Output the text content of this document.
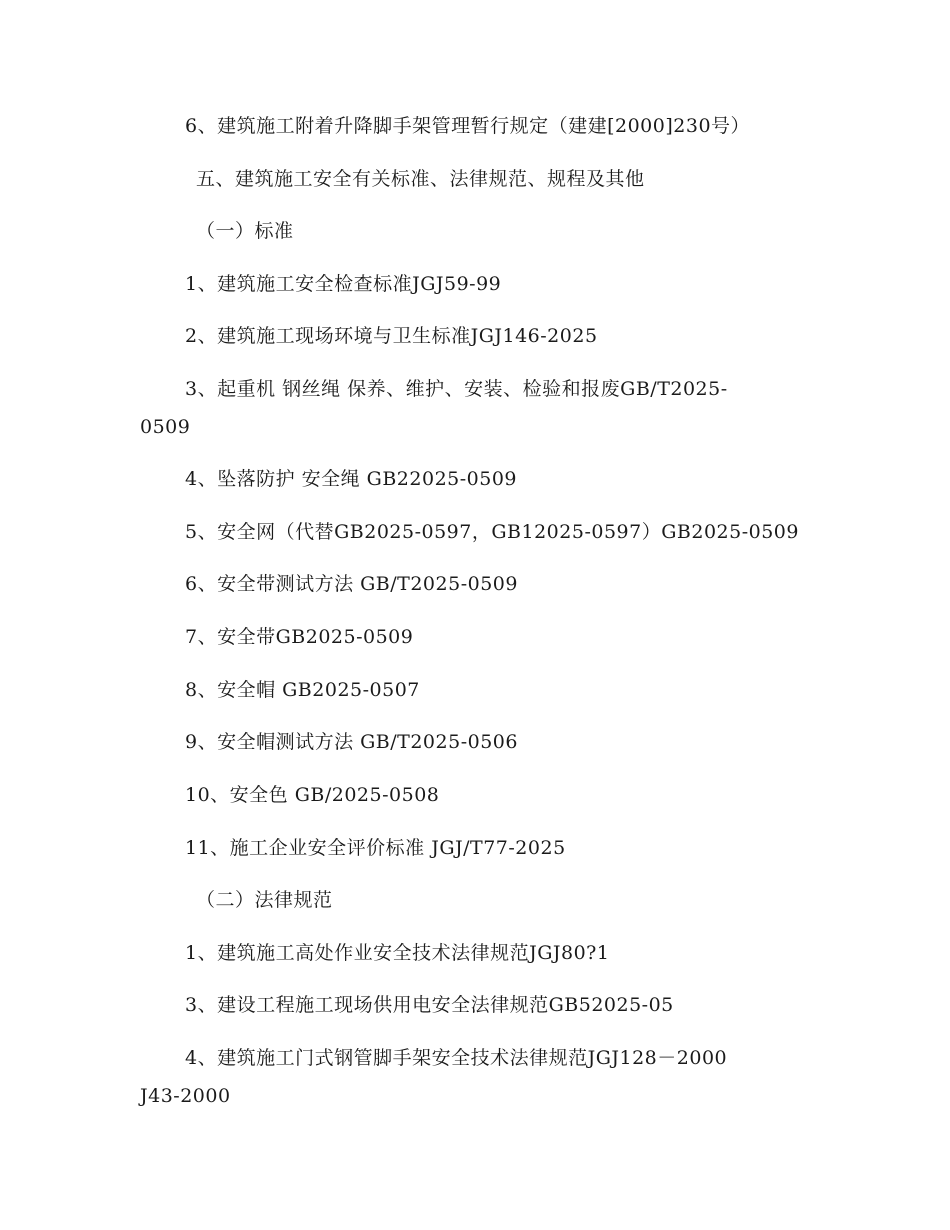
6、建筑施工附着升降脚手架管理暂行规定（建建[2000]230号）
五、建筑施工安全有关标准、法律规范、规程及其他
（一）标准
1、建筑施工安全检查标准JGJ59-99
2、建筑施工现场环境与卫生标准JGJ146-2025
3、起重机 钢丝绳 保养、维护、安装、检验和报废GB/T2025-
0509
4、坠落防护 安全绳 GB22025-0509
5、安全网（代替GB2025-0597，GB12025-0597）GB2025-0509
6、安全带测试方法 GB/T2025-0509
7、安全带GB2025-0509
8、安全帽 GB2025-0507
9、安全帽测试方法 GB/T2025-0506
10、安全色 GB/2025-0508
11、施工企业安全评价标准 JGJ/T77-2025
（二）法律规范
1、建筑施工高处作业安全技术法律规范JGJ80?1
3、建设工程施工现场供用电安全法律规范GB52025-05
4、建筑施工门式钢管脚手架安全技术法律规范JGJ128－2000
J43-2000
